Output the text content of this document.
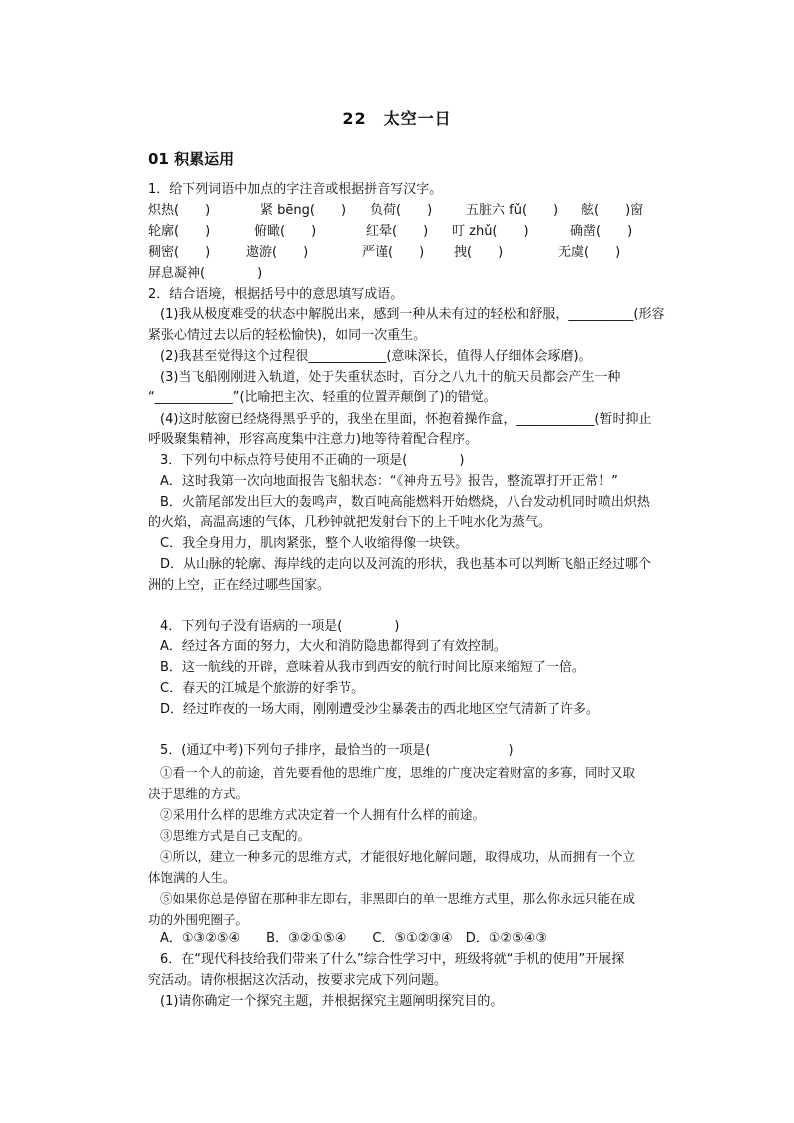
22　太空一日
01 积累运用
1．给下列词语中加点的字注音或根据拼音写汉字。
炽热(　　)	紧 bēng(　　) 负荷(　　)	五脏六 fǔ(　　) 舷(　　)窗
轮廓(　　)	俯瞰(　　)	红晕(　　) 叮 zhǔ(　　)	确凿(　　)
稠密(　　)	遨游(　　)	严谨(　　) 拽(　　)	无虞(　　)
屏息凝神(　　　　)
2．结合语境，根据括号中的意思填写成语。
(1)我从极度难受的状态中解脱出来，感到一种从未有过的轻松和舒服，__________(形容
紧张心情过去以后的轻松愉快)，如同一次重生。
(2)我甚至觉得这个过程很____________(意味深长，值得人仔细体会琢磨)。
(3)当飞船刚刚进入轨道，处于失重状态时，百分之八九十的航天员都会产生一种
“____________”(比喻把主次、轻重的位置弄颠倒了)的错觉。
(4)这时舷窗已经烧得黑乎乎的，我坐在里面，怀抱着操作盒，____________(暂时抑止
呼吸聚集精神，形容高度集中注意力)地等待着配合程序。
3．下列句中标点符号使用不正确的一项是(　　　　)
A．这时我第一次向地面报告飞船状态：“《神舟五号》报告，整流罩打开正常！”
B．火箭尾部发出巨大的轰鸣声，数百吨高能燃料开始燃烧，八台发动机同时喷出炽热
的火焰，高温高速的气体，几秒钟就把发射台下的上千吨水化为蒸气。
C．我全身用力，肌肉紧张，整个人收缩得像一块铁。
D．从山脉的轮廓、海岸线的走向以及河流的形状，我也基本可以判断飞船正经过哪个
洲的上空，正在经过哪些国家。
4．下列句子没有语病的一项是(　　　　)
A．经过各方面的努力，大火和消防隐患都得到了有效控制。
B．这一航线的开辟，意味着从我市到西安的航行时间比原来缩短了一倍。
C．春天的江城是个旅游的好季节。
D．经过昨夜的一场大雨，刚刚遭受沙尘暴袭击的西北地区空气清新了许多。
5．(通辽中考)下列句子排序，最恰当的一项是(　　　　　　)
①看一个人的前途，首先要看他的思维广度，思维的广度决定着财富的多寡，同时又取
决于思维的方式。
②采用什么样的思维方式决定着一个人拥有什么样的前途。
③思维方式是自己支配的。
④所以，建立一种多元的思维方式，才能很好地化解问题，取得成功，从而拥有一个立
体饱满的人生。
⑤如果你总是停留在那种非左即右，非黑即白的单一思维方式里，那么你永远只能在成
功的外围兜圈子。
A．①③②⑤④　　B．③②①⑤④　　C．⑤①②③④　D．①②⑤④③
6．在“现代科技给我们带来了什么”综合性学习中，班级将就“手机的使用”开展探
究活动。请你根据这次活动，按要求完成下列问题。
(1)请你确定一个探究主题，并根据探究主题阐明探究目的。
